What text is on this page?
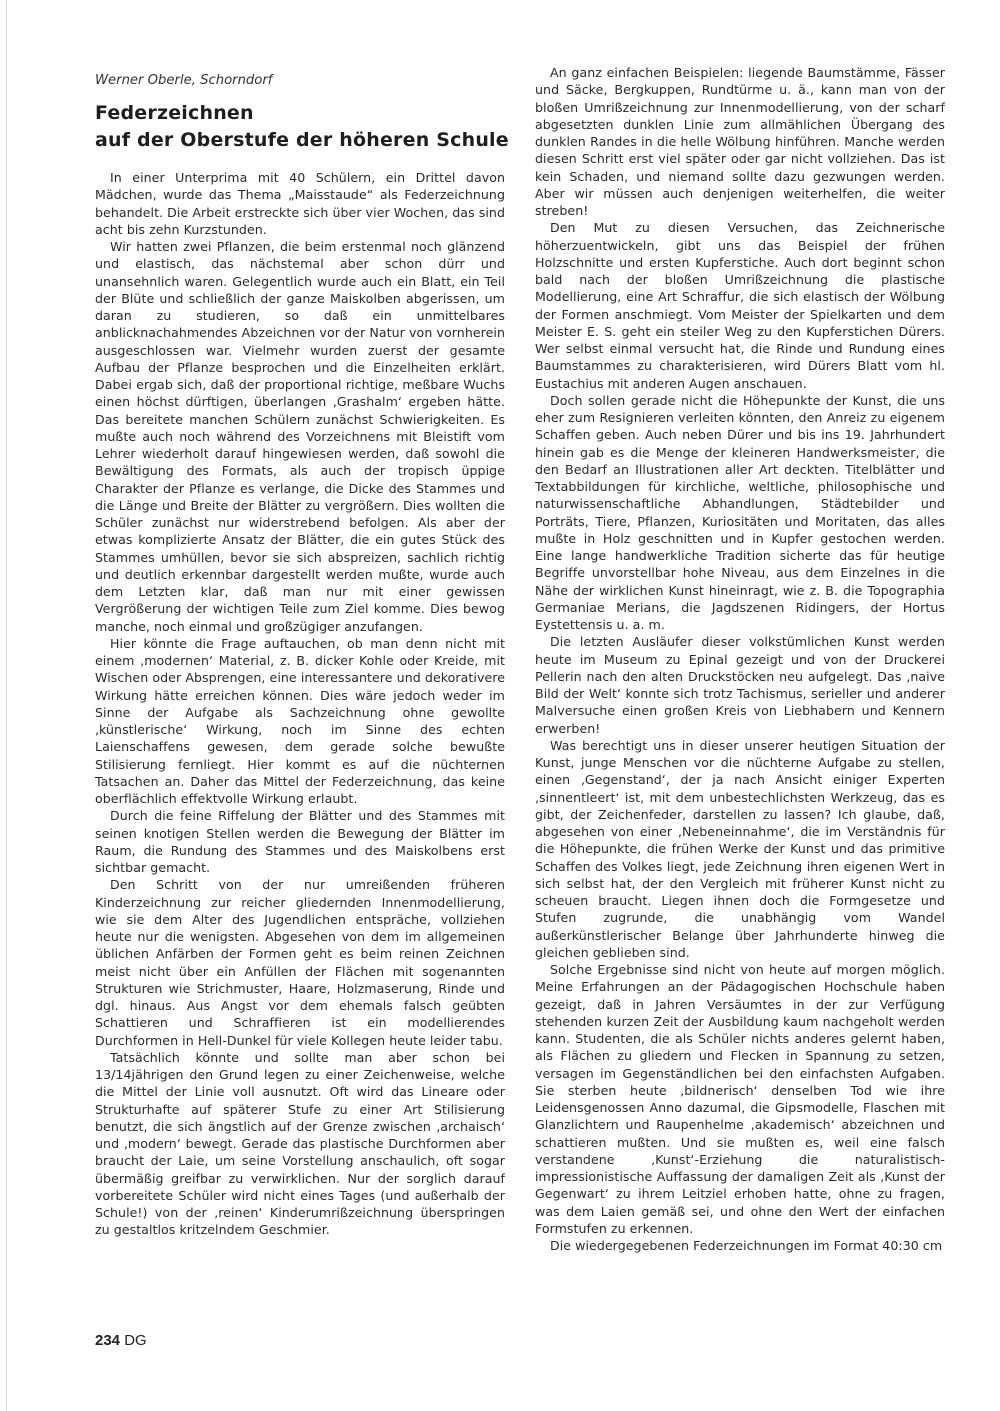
Werner Oberle, Schorndorf
Federzeichnen
auf der Oberstufe der höheren Schule

In einer Unterprima mit 40 Schülern, ein Drittel davon Mädchen, wurde das Thema „Maisstaude“ als Federzeichnung behandelt. Die Arbeit erstreckte sich über vier Wochen, das sind acht bis zehn Kurzstunden.

Wir hatten zwei Pflanzen, die beim erstenmal noch glänzend und elastisch, das nächstemal aber schon dürr und unansehnlich waren. Gelegentlich wurde auch ein Blatt, ein Teil der Blüte und schließlich der ganze Maiskolben abgerissen, um daran zu studieren, so daß ein unmittelbares anblicknachahmendes Abzeichnen vor der Natur von vornherein ausgeschlossen war. Vielmehr wurden zuerst der gesamte Aufbau der Pflanze besprochen und die Einzelheiten erklärt. Dabei ergab sich, daß der proportional richtige, meßbare Wuchs einen höchst dürftigen, überlangen ‚Grashalm‘ ergeben hätte. Das bereitete manchen Schülern zunächst Schwierigkeiten. Es mußte auch noch während des Vorzeichnens mit Bleistift vom Lehrer wiederholt darauf hingewiesen werden, daß sowohl die Bewältigung des Formats, als auch der tropisch üppige Charakter der Pflanze es verlange, die Dicke des Stammes und die Länge und Breite der Blätter zu vergrößern. Dies wollten die Schüler zunächst nur widerstrebend befolgen. Als aber der etwas komplizierte Ansatz der Blätter, die ein gutes Stück des Stammes umhüllen, bevor sie sich abspreizen, sachlich richtig und deutlich erkennbar dargestellt werden mußte, wurde auch dem Letzten klar, daß man nur mit einer gewissen Vergrößerung der wichtigen Teile zum Ziel komme. Dies bewog manche, noch einmal und großzügiger anzufangen.

Hier könnte die Frage auftauchen, ob man denn nicht mit einem ‚modernen‘ Material, z. B. dicker Kohle oder Kreide, mit Wischen oder Absprengen, eine interessantere und dekorativere Wirkung hätte erreichen können. Dies wäre jedoch weder im Sinne der Aufgabe als Sachzeichnung ohne gewollte ‚künstlerische‘ Wirkung, noch im Sinne des echten Laienschaffens gewesen, dem gerade solche bewußte Stilisierung fernliegt. Hier kommt es auf die nüchternen Tatsachen an. Daher das Mittel der Federzeichnung, das keine oberflächlich effektvolle Wirkung erlaubt.

Durch die feine Riffelung der Blätter und des Stammes mit seinen knotigen Stellen werden die Bewegung der Blätter im Raum, die Rundung des Stammes und des Maiskolbens erst sichtbar gemacht.

Den Schritt von der nur umreißenden früheren Kinderzeichnung zur reicher gliedernden Innenmodellierung, wie sie dem Alter des Jugendlichen entspräche, vollziehen heute nur die wenigsten. Abgesehen von dem im allgemeinen üblichen Anfärben der Formen geht es beim reinen Zeichnen meist nicht über ein Anfüllen der Flächen mit sogenannten Strukturen wie Strichmuster, Haare, Holzmaserung, Rinde und dgl. hinaus. Aus Angst vor dem ehemals falsch geübten Schattieren und Schraffieren ist ein modellierendes Durchformen in Hell-Dunkel für viele Kollegen heute leider tabu.

Tatsächlich könnte und sollte man aber schon bei 13/14jährigen den Grund legen zu einer Zeichenweise, welche die Mittel der Linie voll ausnutzt. Oft wird das Lineare oder Strukturhafte auf späterer Stufe zu einer Art Stilisierung benutzt, die sich ängstlich auf der Grenze zwischen ‚archaisch‘ und ‚modern‘ bewegt. Gerade das plastische Durchformen aber braucht der Laie, um seine Vorstellung anschaulich, oft sogar übermäßig greifbar zu verwirklichen. Nur der sorglich darauf vorbereitete Schüler wird nicht eines Tages (und außerhalb der Schule!) von der ‚reinen‘ Kinderumrißzeichnung überspringen zu gestaltlos kritzelndem Geschmier.

An ganz einfachen Beispielen: liegende Baumstämme, Fässer und Säcke, Bergkuppen, Rundtürme u. ä., kann man von der bloßen Umrißzeichnung zur Innenmodellierung, von der scharf abgesetzten dunklen Linie zum allmählichen Übergang des dunklen Randes in die helle Wölbung hinführen. Manche werden diesen Schritt erst viel später oder gar nicht vollziehen. Das ist kein Schaden, und niemand sollte dazu gezwungen werden. Aber wir müssen auch denjenigen weiterhelfen, die weiter streben!

Den Mut zu diesen Versuchen, das Zeichnerische höherzuentwickeln, gibt uns das Beispiel der frühen Holzschnitte und ersten Kupferstiche. Auch dort beginnt schon bald nach der bloßen Umrißzeichnung die plastische Modellierung, eine Art Schraffur, die sich elastisch der Wölbung der Formen anschmiegt. Vom Meister der Spielkarten und dem Meister E. S. geht ein steiler Weg zu den Kupferstichen Dürers. Wer selbst einmal versucht hat, die Rinde und Rundung eines Baumstammes zu charakterisieren, wird Dürers Blatt vom hl. Eustachius mit anderen Augen anschauen.

Doch sollen gerade nicht die Höhepunkte der Kunst, die uns eher zum Resignieren verleiten könnten, den Anreiz zu eigenem Schaffen geben. Auch neben Dürer und bis ins 19. Jahrhundert hinein gab es die Menge der kleineren Handwerksmeister, die den Bedarf an Illustrationen aller Art deckten. Titelblätter und Textabbildungen für kirchliche, weltliche, philosophische und naturwissenschaftliche Abhandlungen, Städtebilder und Porträts, Tiere, Pflanzen, Kuriositäten und Moritaten, das alles mußte in Holz geschnitten und in Kupfer gestochen werden. Eine lange handwerkliche Tradition sicherte das für heutige Begriffe unvorstellbar hohe Niveau, aus dem Einzelnes in die Nähe der wirklichen Kunst hineinragt, wie z. B. die Topographia Germaniae Merians, die Jagdszenen Ridingers, der Hortus Eystettensis u. a. m.

Die letzten Ausläufer dieser volkstümlichen Kunst werden heute im Museum zu Epinal gezeigt und von der Druckerei Pellerin nach den alten Druckstöcken neu aufgelegt. Das ‚naive Bild der Welt‘ konnte sich trotz Tachismus, serieller und anderer Malversuche einen großen Kreis von Liebhabern und Kennern erwerben!

Was berechtigt uns in dieser unserer heutigen Situation der Kunst, junge Menschen vor die nüchterne Aufgabe zu stellen, einen ‚Gegenstand‘, der ja nach Ansicht einiger Experten ‚sinnentleert‘ ist, mit dem unbestechlichsten Werkzeug, das es gibt, der Zeichenfeder, darstellen zu lassen? Ich glaube, daß, abgesehen von einer ‚Nebeneinnahme‘, die im Verständnis für die Höhepunkte, die frühen Werke der Kunst und das primitive Schaffen des Volkes liegt, jede Zeichnung ihren eigenen Wert in sich selbst hat, der den Vergleich mit früherer Kunst nicht zu scheuen braucht. Liegen ihnen doch die Formgesetze und Stufen zugrunde, die unabhängig vom Wandel außerkünstlerischer Belange über Jahrhunderte hinweg die gleichen geblieben sind.

Solche Ergebnisse sind nicht von heute auf morgen möglich. Meine Erfahrungen an der Pädagogischen Hochschule haben gezeigt, daß in Jahren Versäumtes in der zur Verfügung stehenden kurzen Zeit der Ausbildung kaum nachgeholt werden kann. Studenten, die als Schüler nichts anderes gelernt haben, als Flächen zu gliedern und Flecken in Spannung zu setzen, versagen im Gegenständlichen bei den einfachsten Aufgaben. Sie sterben heute ‚bildnerisch‘ denselben Tod wie ihre Leidensgenossen Anno dazumal, die Gipsmodelle, Flaschen mit Glanzlichtern und Raupenhelme ‚akademisch‘ abzeichnen und schattieren mußten. Und sie mußten es, weil eine falsch verstandene ‚Kunst‘-Erziehung die naturalistisch-impressionistische Auffassung der damaligen Zeit als ‚Kunst der Gegenwart‘ zu ihrem Leitziel erhoben hatte, ohne zu fragen, was dem Laien gemäß sei, und ohne den Wert der einfachen Formstufen zu erkennen.

Die wiedergegebenen Federzeichnungen im Format 40:30 cm

234 DG
